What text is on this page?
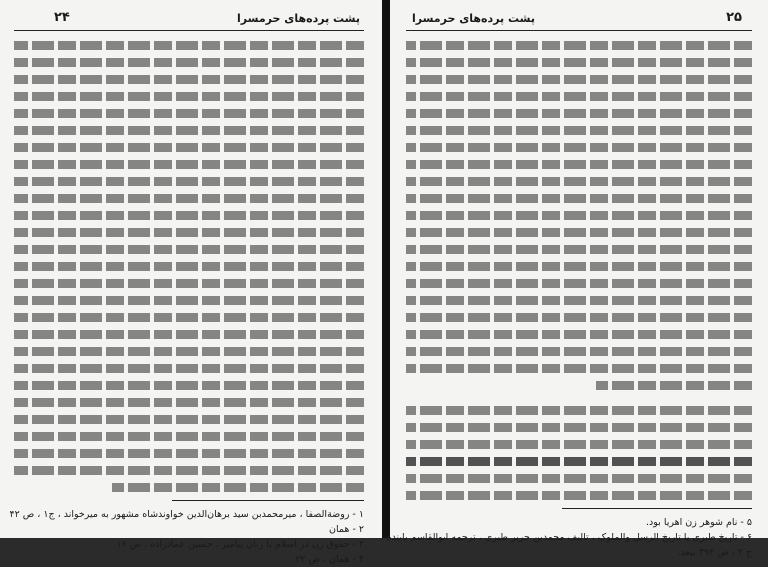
پشت پرده‌های حرمسرا
۲۴
۱ - روضة‌الصفا ، میرمحمدبن سید برهان‌الدین خواوندشاه مشهور به میرخواند ، ج۱ ، ص ۴۲
۲ - همان
۳ - حقوق زن در اسلام با زنان پیامبر ، حسین عمادزاده ، ص ۱۶
۴ - همان ، ص ۲۲
پشت پرده‌های حرمسرا	۲۵
۵ - نام شوهر زن اهریا بود.
۶ - تاریخ طبری یا تاریخ الرسل والملوک ، تالیف محمدبن جریر طبری ، ترجمه ابوالقاسم پاینده ،
ج ۲ ، ص ۳۹۲ ببعد.
